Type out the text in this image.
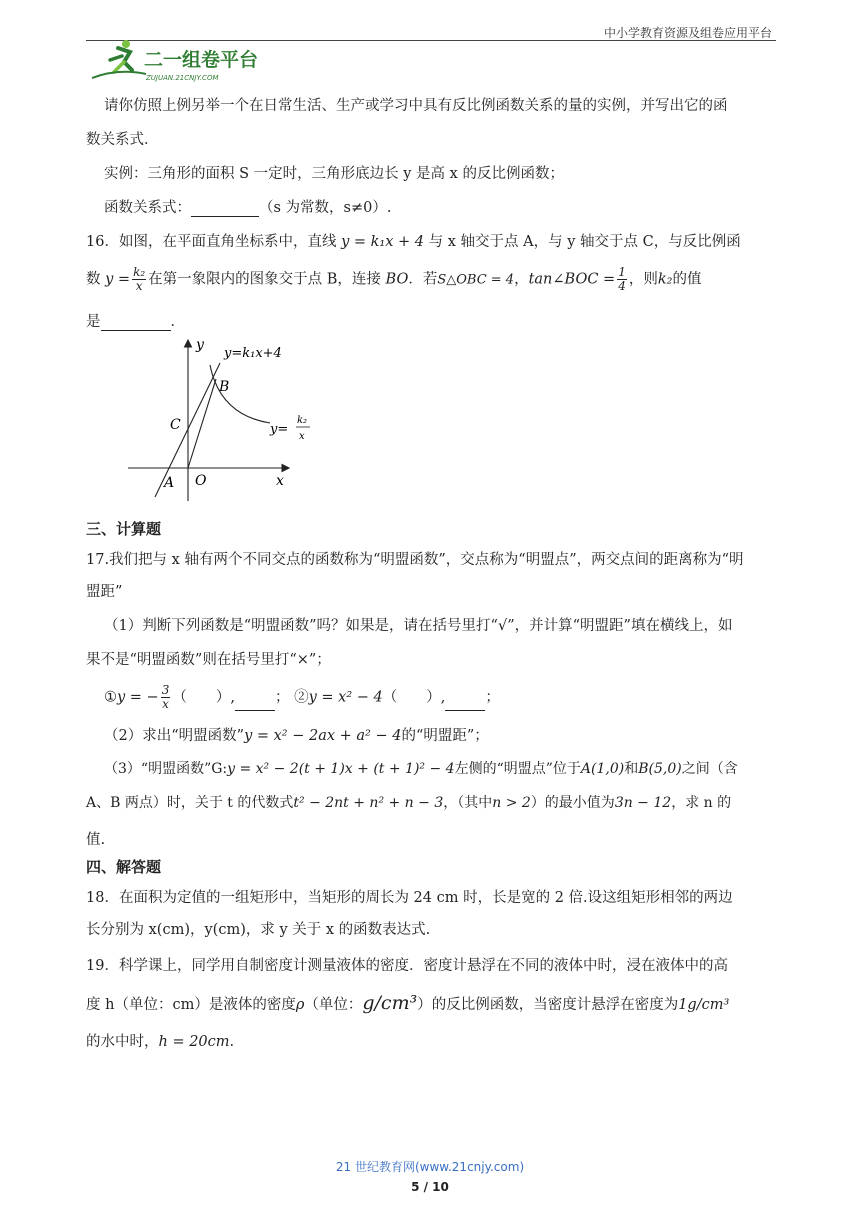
中小学教育资源及组卷应用平台
二一组卷平台
ZUJUAN.21CNJY.COM
请你仿照上例另举一个在日常生活、生产或学习中具有反比例函数关系的量的实例，并写出它的函
数关系式．
实例：三角形的面积 S 一定时，三角形底边长 y 是高 x 的反比例函数；
函数关系式：	（s 为常数，s≠0）.
16．如图，在平面直角坐标系中，直线 y = k₁x + 4 与 x 轴交于点 A，与 y 轴交于点 C，与反比例函
数 $y = \frac{\text{k₂}}{x}$ 在第一象限内的图象交于点 B，连接 BO．若S△OBC = 4，tan∠BOC = $\frac{1}{4}$ ，则k₂的值
是	．
y
x
y=k₁x+4
y=
k₂
x
B
C
A O
三、计算题
17.我们把与 x 轴有两个不同交点的函数称为“明盟函数”，交点称为“明盟点”，两交点间的距离称为“明
盟距”
（1）判断下列函数是“明盟函数”吗？如果是，请在括号里打“√”，并计算“明盟距”填在横线上，如
果不是“明盟函数”则在括号里打“×”；
①y = − $\frac{3}{x}$ （　　）,	； ②y = x² − 4（　　）,	；
（2）求出“明盟函数”y = x² − 2ax + a² − 4的“明盟距”；
（3）“明盟函数”G:y = x² − 2(t + 1)x + (t + 1)² − 4左侧的“明盟点”位于A(1,0)和B(5,0)之间（含
A、B 两点）时，关于 t 的代数式t² − 2nt + n² + n − 3，（其中n > 2）的最小值为3n − 12，求 n 的
值.
四、解答题
18．在面积为定值的一组矩形中，当矩形的周长为 24 cm 时，长是宽的 2 倍.设这组矩形相邻的两边
长分别为 x(cm)，y(cm)，求 y 关于 x 的函数表达式.
19．科学课上，同学用自制密度计测量液体的密度．密度计悬浮在不同的液体中时，浸在液体中的高
度 h（单位：cm）是液体的密度ρ（单位：g/cm³）的反比例函数，当密度计悬浮在密度为1g/cm³
的水中时，h = 20cm.
21 世纪教育网(www.21cnjy.com)
5 / 10
